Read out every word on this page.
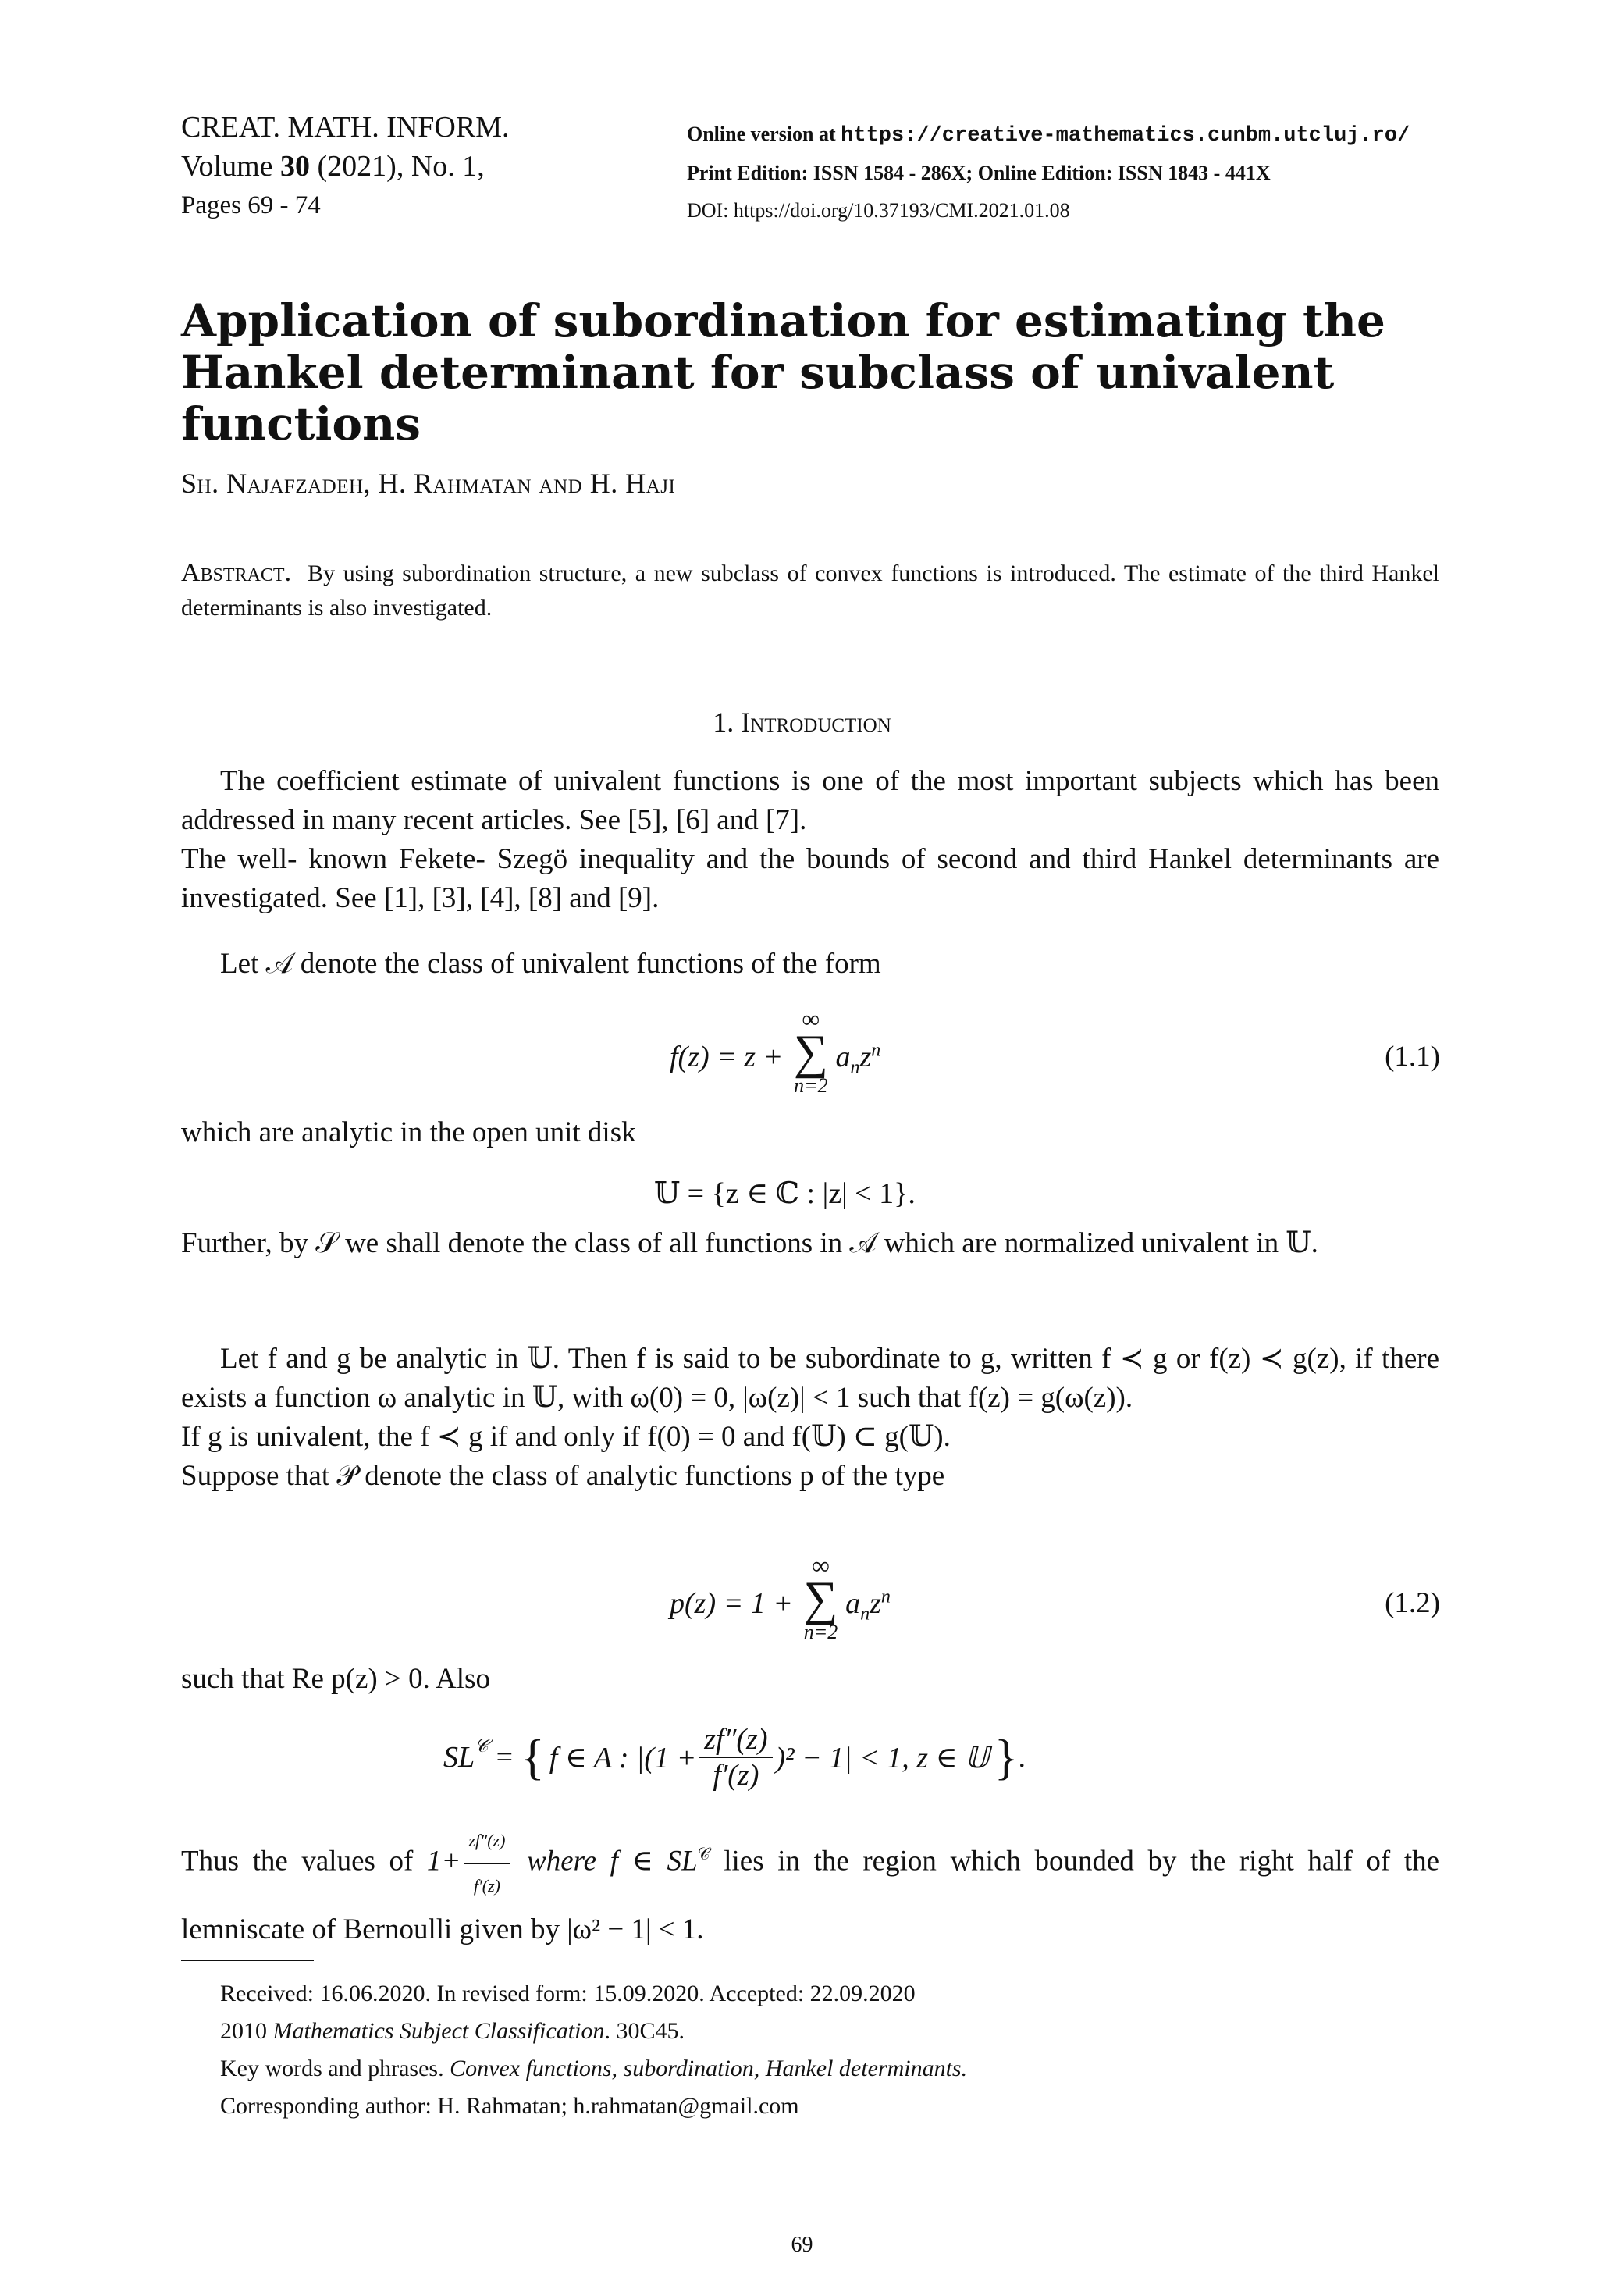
CREAT. MATH. INFORM.
Volume 30 (2021), No. 1,
Pages 69 - 74
Online version at https://creative-mathematics.cunbm.utcluj.ro/
Print Edition: ISSN 1584 - 286X; Online Edition: ISSN 1843 - 441X
DOI: https://doi.org/10.37193/CMI.2021.01.08
Application of subordination for estimating the Hankel determinant for subclass of univalent functions
Sh. Najafzadeh, H. Rahmatan and H. Haji
Abstract. By using subordination structure, a new subclass of convex functions is introduced. The estimate of the third Hankel determinants is also investigated.
1. Introduction
The coefficient estimate of univalent functions is one of the most important subjects which has been addressed in many recent articles. See [5], [6] and [7].
The well- known Fekete- Szegö inequality and the bounds of second and third Hankel determinants are investigated. See [1], [3], [4], [8] and [9].
Let 𝒜 denote the class of univalent functions of the form
f(z) = z +
∞
∑
n=2
$a_nz^n$	(1.1)
which are analytic in the open unit disk
𝕌 = {z ∈ ℂ : |z| < 1}.
Further, by 𝒮 we shall denote the class of all functions in 𝒜 which are normalized univalent in 𝕌.
Let f and g be analytic in 𝕌. Then f is said to be subordinate to g, written f ≺ g or f(z) ≺ g(z), if there exists a function ω analytic in 𝕌, with ω(0) = 0, |ω(z)| < 1 such that f(z) = g(ω(z)).
If g is univalent, the f ≺ g if and only if f(0) = 0 and f(𝕌) ⊂ g(𝕌).
Suppose that 𝒫 denote the class of analytic functions p of the type
p(z) = 1 +
∞
∑
n=2
$a_nz^n$	(1.2)
such that Re p(z) > 0. Also
$SL^𝒞$ = { f ∈ A : $|(1 + \frac{zf''(z)}{f'(z)} )^2 - 1| < 1$, z ∈ 𝕌 } .
Thus the values of $1+ \frac{zf''(z)}{f'(z)}$ where f ∈ $SL^𝒞$ lies in the region which bounded by the right half of the lemniscate of Bernoulli given by |ω² − 1| < 1.
Received: 16.06.2020. In revised form: 15.09.2020. Accepted: 22.09.2020
2010 Mathematics Subject Classification. 30C45.
Key words and phrases. Convex functions, subordination, Hankel determinants.
Corresponding author: H. Rahmatan; h.rahmatan@gmail.com
69
